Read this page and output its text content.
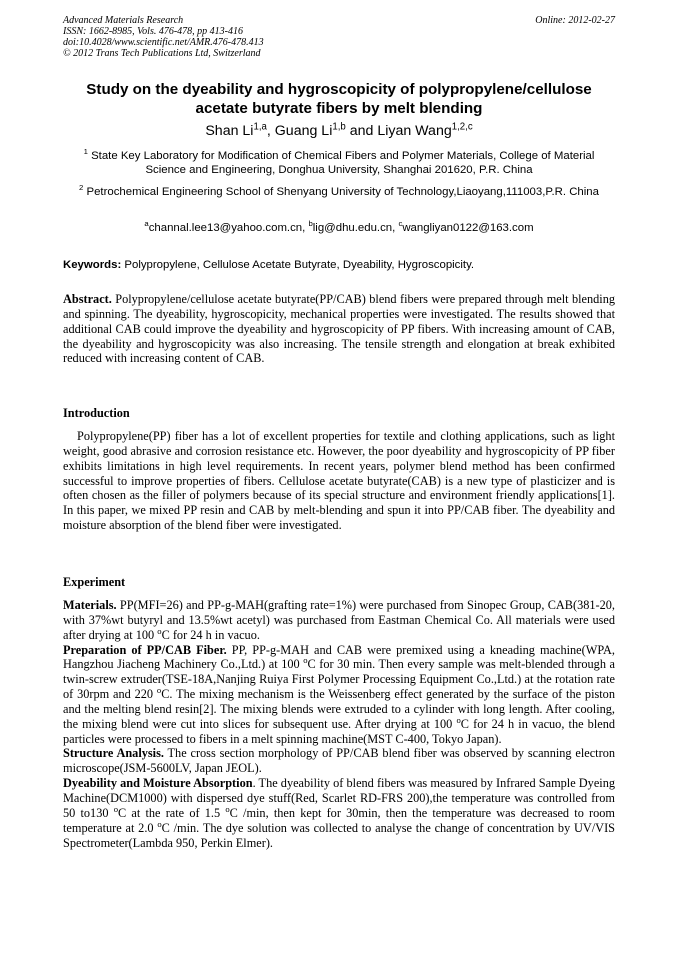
Advanced Materials Research
ISSN: 1662-8985, Vols. 476-478, pp 413-416
doi:10.4028/www.scientific.net/AMR.476-478.413
© 2012 Trans Tech Publications Ltd, Switzerland
Online: 2012-02-27
Study on the dyeability and hygroscopicity of polypropylene/cellulose
acetate butyrate fibers by melt blending
Shan Li$^{1,a}$, Guang Li$^{1,b}$ and Liyan Wang$^{1,2,c}$
$^1$ State Key Laboratory for Modification of Chemical Fibers and Polymer Materials, College of Material Science and Engineering, Donghua University, Shanghai 201620, P.R. China
$^2$ Petrochemical Engineering School of Shenyang University of Technology,Liaoyang,111003,P.R. China
$^a$channal.lee13@yahoo.com.cn, $^b$lig@dhu.edu.cn, $^c$wangliyan0122@163.com
Keywords: Polypropylene, Cellulose Acetate Butyrate, Dyeability, Hygroscopicity.
Abstract. Polypropylene/cellulose acetate butyrate(PP/CAB) blend fibers were prepared through melt blending and spinning. The dyeability, hygroscopicity, mechanical properties were investigated. The results showed that additional CAB could improve the dyeability and hygroscopicity of PP fibers. With increasing amount of CAB, the dyeability and hygroscopicity was also increasing. The tensile strength and elongation at break exhibited reduced with increasing content of CAB.
Introduction
Polypropylene(PP) fiber has a lot of excellent properties for textile and clothing applications, such as light weight, good abrasive and corrosion resistance etc. However, the poor dyeability and hygroscopicity of PP fiber exhibits limitations in high level requirements. In recent years, polymer blend method has been confirmed successful to improve properties of fibers. Cellulose acetate butyrate(CAB) is a new type of plasticizer and is often chosen as the filler of polymers because of its special structure and environment friendly applications[1]. In this paper, we mixed PP resin and CAB by melt-blending and spun it into PP/CAB fiber. The dyeability and moisture absorption of the blend fiber were investigated.
Experiment

Materials. PP(MFI=26) and PP-g-MAH(grafting rate=1%) were purchased from Sinopec Group, CAB(381-20, with 37%wt butyryl and 13.5%wt acetyl) was purchased from Eastman Chemical Co. All materials were used after drying at 100 $^o$C for 24 h in vacuo.

Preparation of PP/CAB Fiber. PP, PP-g-MAH and CAB were premixed using a kneading machine(WPA, Hangzhou Jiacheng Machinery Co.,Ltd.) at 100 $^o$C for 30 min. Then every sample was melt-blended through a twin-screw extruder(TSE-18A,Nanjing Ruiya First Polymer Processing Equipment Co.,Ltd.) at the rotation rate of 30rpm and 220 $^o$C. The mixing mechanism is the Weissenberg effect generated by the surface of the piston and the melting blend resin[2]. The mixing blends were extruded to a cylinder with long length. After cooling, the mixing blend were cut into slices for subsequent use. After drying at 100 $^o$C for 24 h in vacuo, the blend particles were processed to fibers in a melt spinning machine(MST C-400, Tokyo Japan).

Structure Analysis. The cross section morphology of PP/CAB blend fiber was observed by scanning electron microscope(JSM-5600LV, Japan JEOL).

Dyeability and Moisture Absorption. The dyeability of blend fibers was measured by Infrared Sample Dyeing Machine(DCM1000) with dispersed dye stuff(Red, Scarlet RD-FRS 200),the temperature was controlled from 50 to130 $^o$C at the rate of 1.5 $^o$C /min, then kept for 30min, then the temperature was decreased to room temperature at 2.0 $^o$C /min. The dye solution was collected to analyse the change of concentration by UV/VIS Spectrometer(Lambda 950, Perkin Elmer).
